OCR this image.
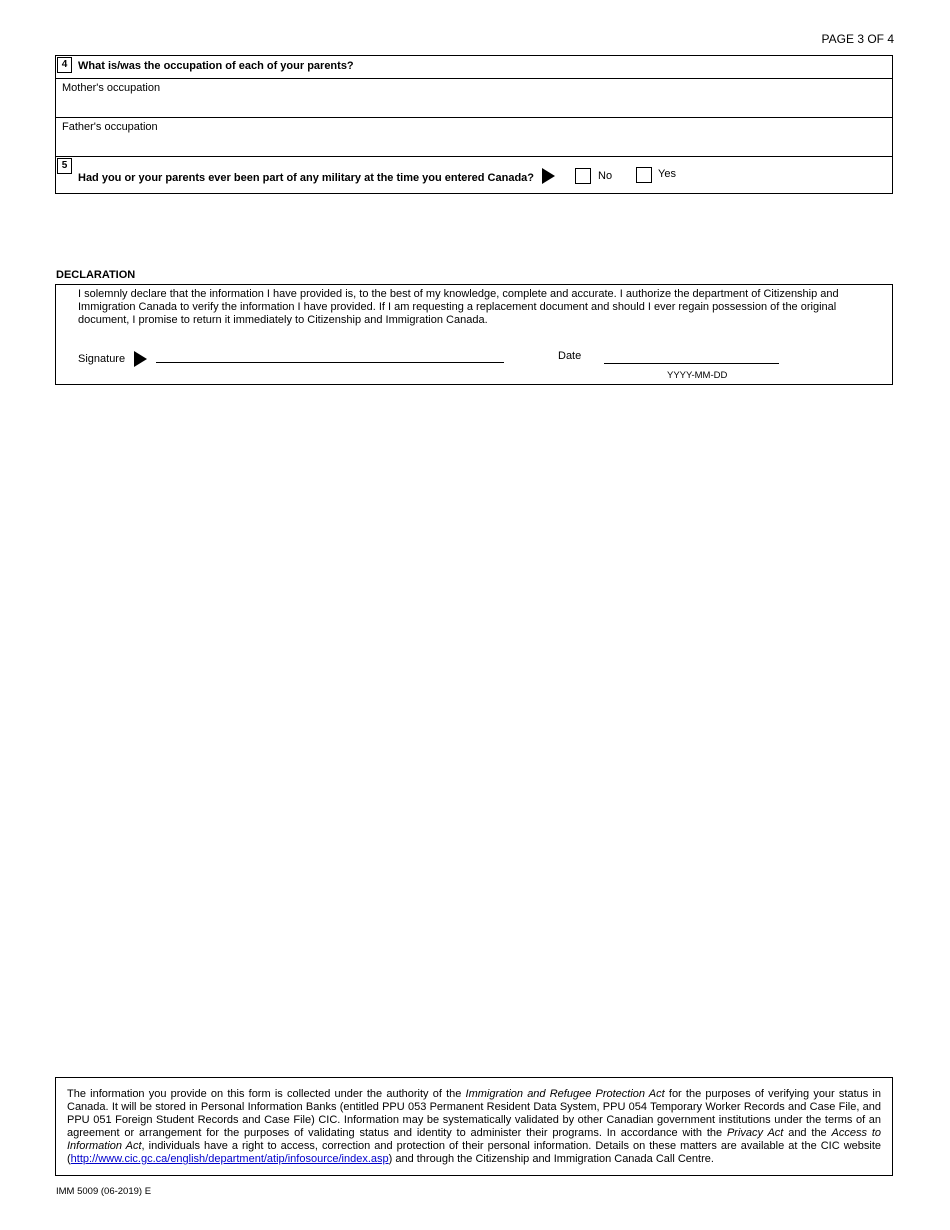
PAGE 3 OF 4
4 What is/was the occupation of each of your parents?
Mother's occupation
Father's occupation
5
Had you or your parents ever been part of any military at the time you entered Canada?	No	Yes
DECLARATION
I solemnly declare that the information I have provided is, to the best of my knowledge, complete and accurate. I authorize the department of Citizenship and Immigration Canada to verify the information I have provided. If I am requesting a replacement document and should I ever regain possession of the original document, I promise to return it immediately to Citizenship and Immigration Canada.
Signature	Date
YYYY-MM-DD
The information you provide on this form is collected under the authority of the Immigration and Refugee Protection Act for the purposes of verifying your status in Canada. It will be stored in Personal Information Banks (entitled PPU 053 Permanent Resident Data System, PPU 054 Temporary Worker Records and Case File, and PPU 051 Foreign Student Records and Case File) CIC. Information may be systematically validated by other Canadian government institutions under the terms of an agreement or arrangement for the purposes of validating status and identity to administer their programs. In accordance with the Privacy Act and the Access to Information Act, individuals have a right to access, correction and protection of their personal information. Details on these matters are available at the CIC website (http://www.cic.gc.ca/english/department/atip/infosource/index.asp) and through the Citizenship and Immigration Canada Call Centre.
IMM 5009 (06-2019) E
